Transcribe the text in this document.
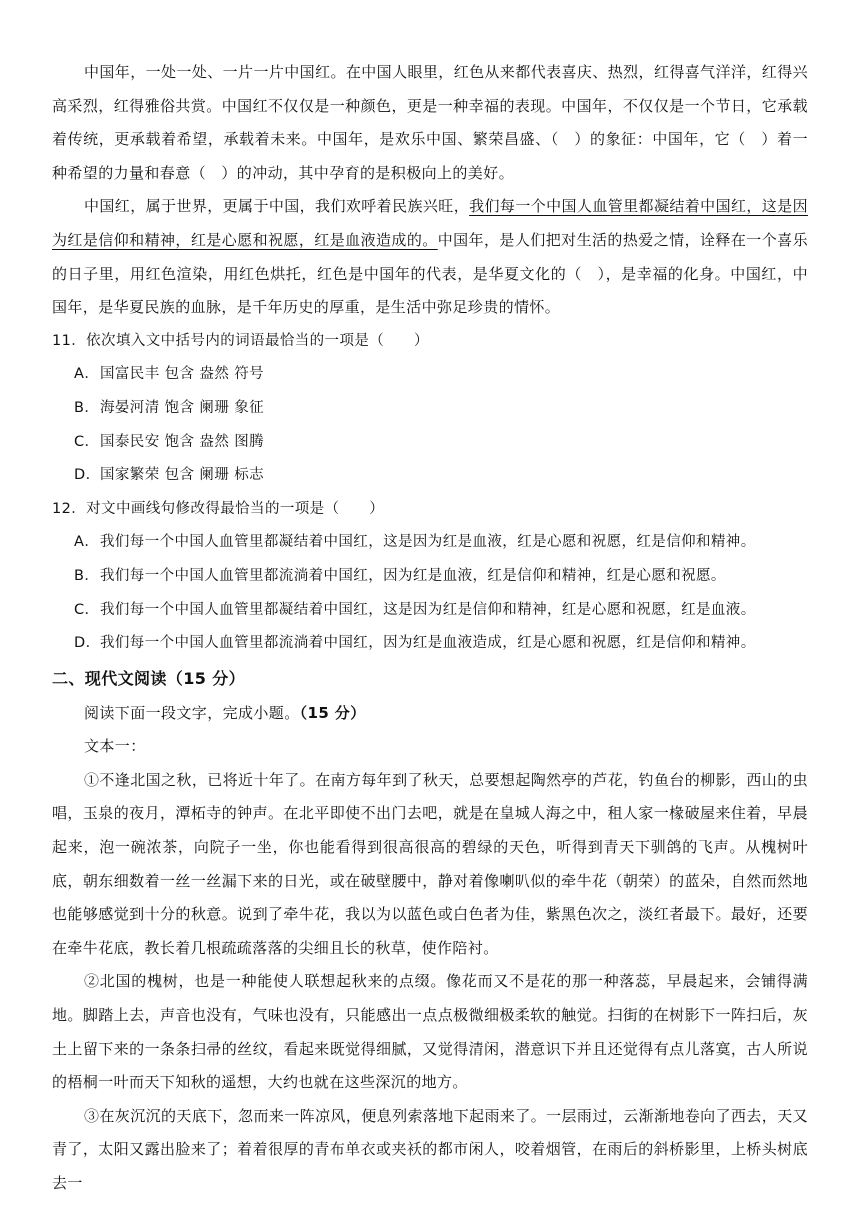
中国年，一处一处、一片一片中国红。在中国人眼里，红色从来都代表喜庆、热烈，红得喜气洋洋，红得兴高采烈，红得雅俗共赏。中国红不仅仅是一种颜色，更是一种幸福的表现。中国年，不仅仅是一个节日，它承载着传统，更承载着希望，承载着未来。中国年，是欢乐中国、繁荣昌盛、（　）的象征：中国年，它（　）着一种希望的力量和春意（　）的冲动，其中孕育的是积极向上的美好。

中国红，属于世界，更属于中国，我们欢呼着民族兴旺，我们每一个中国人血管里都凝结着中国红，这是因为红是信仰和精神，红是心愿和祝愿，红是血液造成的。中国年，是人们把对生活的热爱之情，诠释在一个喜乐的日子里，用红色渲染，用红色烘托，红色是中国年的代表，是华夏文化的（　），是幸福的化身。中国红，中国年，是华夏民族的血脉，是千年历史的厚重，是生活中弥足珍贵的情怀。

11．依次填入文中括号内的词语最恰当的一项是（　　）

A．国富民丰 包含 盎然 符号

B．海晏河清 饱含 阑珊 象征

C．国泰民安 饱含 盎然 图腾

D．国家繁荣 包含 阑珊 标志

12．对文中画线句修改得最恰当的一项是（　　）

A．我们每一个中国人血管里都凝结着中国红，这是因为红是血液，红是心愿和祝愿，红是信仰和精神。

B．我们每一个中国人血管里都流淌着中国红，因为红是血液，红是信仰和精神，红是心愿和祝愿。

C．我们每一个中国人血管里都凝结着中国红，这是因为红是信仰和精神，红是心愿和祝愿，红是血液。

D．我们每一个中国人血管里都流淌着中国红，因为红是血液造成，红是心愿和祝愿，红是信仰和精神。

二、现代文阅读（15 分）

阅读下面一段文字，完成小题。（15 分）

文本一：

①不逢北国之秋，已将近十年了。在南方每年到了秋天，总要想起陶然亭的芦花，钓鱼台的柳影，西山的虫唱，玉泉的夜月，潭柘寺的钟声。在北平即使不出门去吧，就是在皇城人海之中，租人家一椽破屋来住着，早晨起来，泡一碗浓茶，向院子一坐，你也能看得到很高很高的碧绿的天色，听得到青天下驯鸽的飞声。从槐树叶底，朝东细数着一丝一丝漏下来的日光，或在破壁腰中，静对着像喇叭似的牵牛花（朝荣）的蓝朵，自然而然地也能够感觉到十分的秋意。说到了牵牛花，我以为以蓝色或白色者为佳，紫黑色次之，淡红者最下。最好，还要在牵牛花底，教长着几根疏疏落落的尖细且长的秋草，使作陪衬。

②北国的槐树，也是一种能使人联想起秋来的点缀。像花而又不是花的那一种落蕊，早晨起来，会铺得满地。脚踏上去，声音也没有，气味也没有，只能感出一点点极微细极柔软的触觉。扫街的在树影下一阵扫后，灰土上留下来的一条条扫帚的丝纹，看起来既觉得细腻，又觉得清闲，潜意识下并且还觉得有点儿落寞，古人所说的梧桐一叶而天下知秋的遥想，大约也就在这些深沉的地方。

③在灰沉沉的天底下，忽而来一阵凉风，便息列索落地下起雨来了。一层雨过，云渐渐地卷向了西去，天又青了，太阳又露出脸来了；着着很厚的青布单衣或夹袄的都市闲人，咬着烟管，在雨后的斜桥影里，上桥头树底去一
